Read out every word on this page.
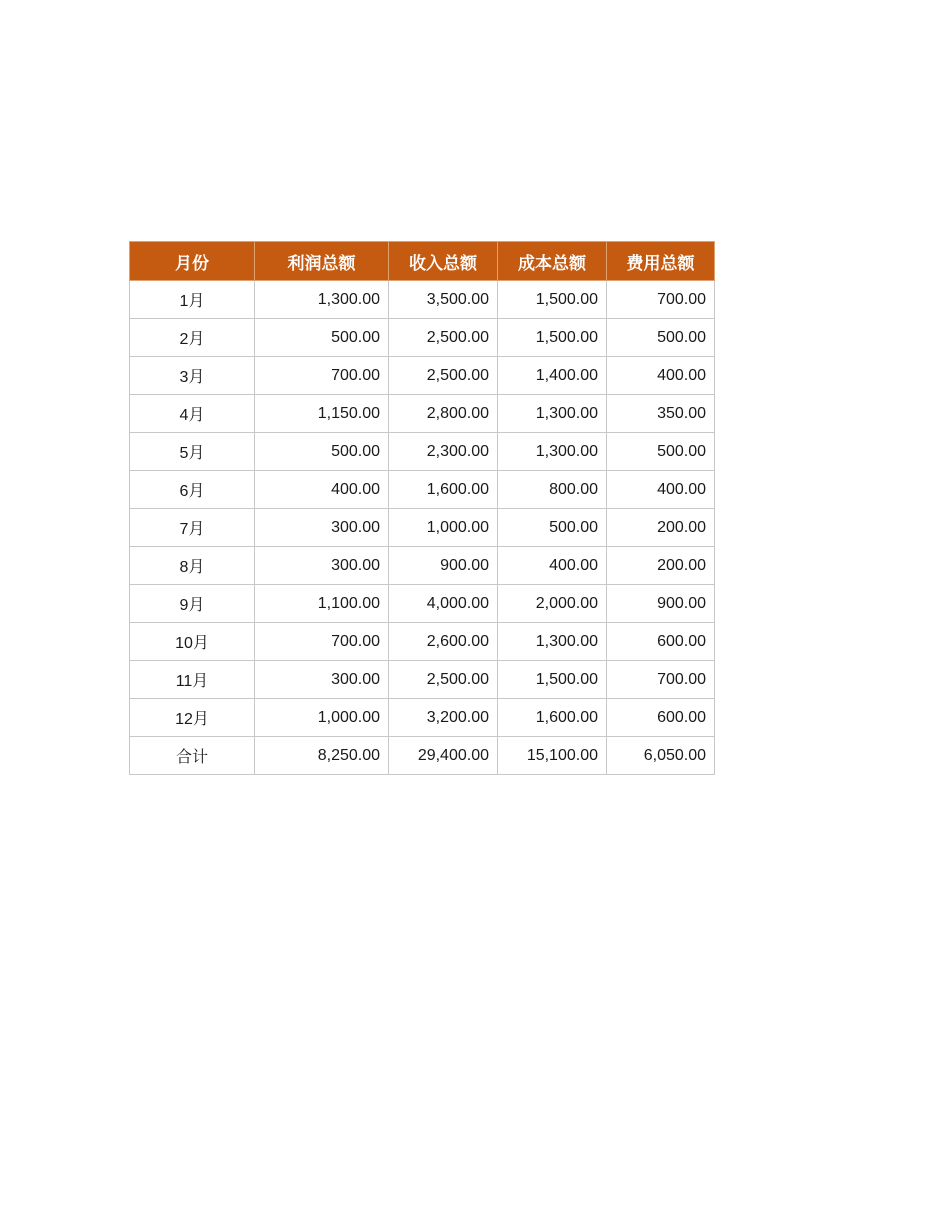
月份	利润总额	收入总额	成本总额	费用总额
1月	1,300.00	3,500.00	1,500.00	700.00
2月	500.00	2,500.00	1,500.00	500.00
3月	700.00	2,500.00	1,400.00	400.00
4月	1,150.00	2,800.00	1,300.00	350.00
5月	500.00	2,300.00	1,300.00	500.00
6月	400.00	1,600.00	800.00	400.00
7月	300.00	1,000.00	500.00	200.00
8月	300.00	900.00	400.00	200.00
9月	1,100.00	4,000.00	2,000.00	900.00
10月	700.00	2,600.00	1,300.00	600.00
11月	300.00	2,500.00	1,500.00	700.00
12月	1,000.00	3,200.00	1,600.00	600.00
合计	8,250.00	29,400.00	15,100.00	6,050.00
